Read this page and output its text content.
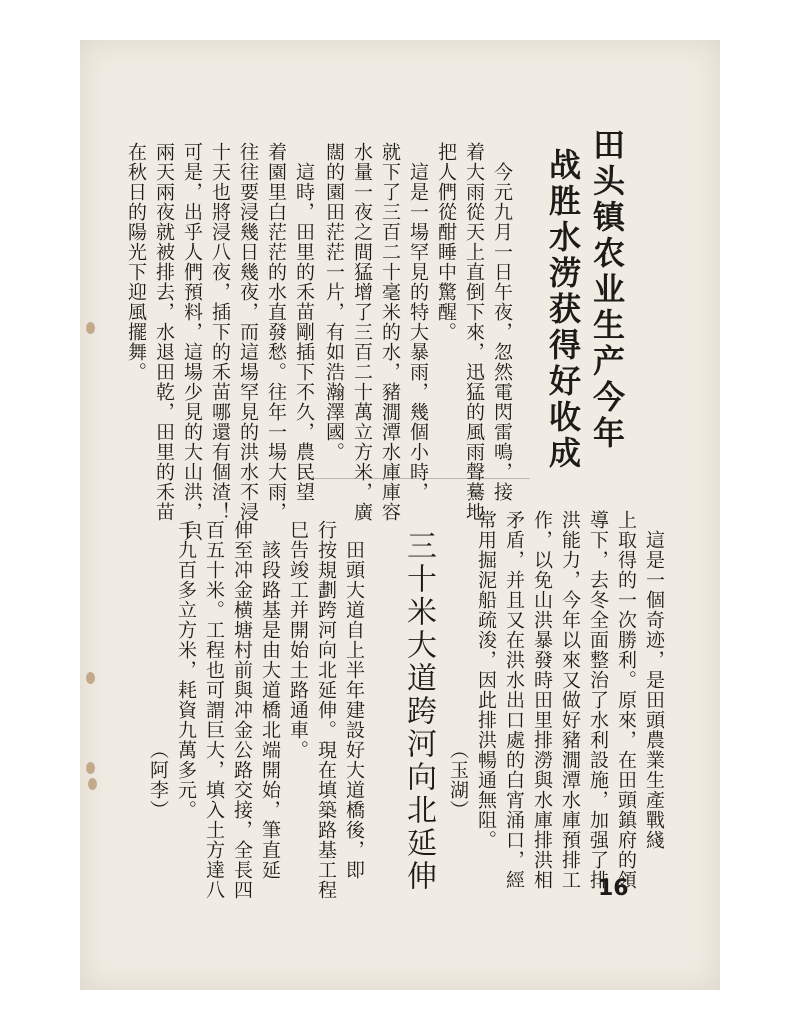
田头镇农业生产今年
战胜水涝获得好收成
　今元九月一日午夜，忽然電閃雷鳴，接
着大雨從天上直倒下來，迅猛的風雨聲驀地
把人們從酣睡中驚醒。
　這是一場罕見的特大暴雨，幾個小時，
就下了三百二十毫米的水，豬㵎潭水庫庫容
水量一夜之間猛增了三百二十萬立方米，廣
闊的園田茫茫一片，有如浩瀚澤國。
　這時，田里的禾苗剛插下不久，農民望
着園里白茫茫的水直發愁。往年一場大雨，
往往要浸幾日幾夜，而這場罕見的洪水不浸
十天也將浸八夜，插下的禾苗哪還有個渣！
可是，出乎人們預料，這場少見的大山洪，只
兩天兩夜就被排去，水退田乾，田里的禾苗
在秋日的陽光下迎風擺舞。
　這是一個奇迹，是田頭農業生產戰綫
上取得的一次勝利。原來，在田頭鎮府的領
導下，去冬全面整治了水利設施，加强了排
洪能力，今年以來又做好豬㵎潭水庫預排工
作，以免山洪暴發時田里排澇與水庫排洪相
矛盾，并且又在洪水出口處的白宵涌口，經
常用掘泥船疏浚，因此排洪暢通無阻。
（玉湖）
三十米大道跨河向北延伸
　田頭大道自上半年建設好大道橋後，即
行按規劃跨河向北延伸。現在填築路基工程
巳告竣工并開始土路通車。
　該段路基是由大道橋北端開始，筆直延
伸至冲金横塘村前與冲金公路交接，全長四
百五十米。工程也可謂巨大，填入土方達八
千九百多立方米，耗資九萬多元。
（阿李）
16
